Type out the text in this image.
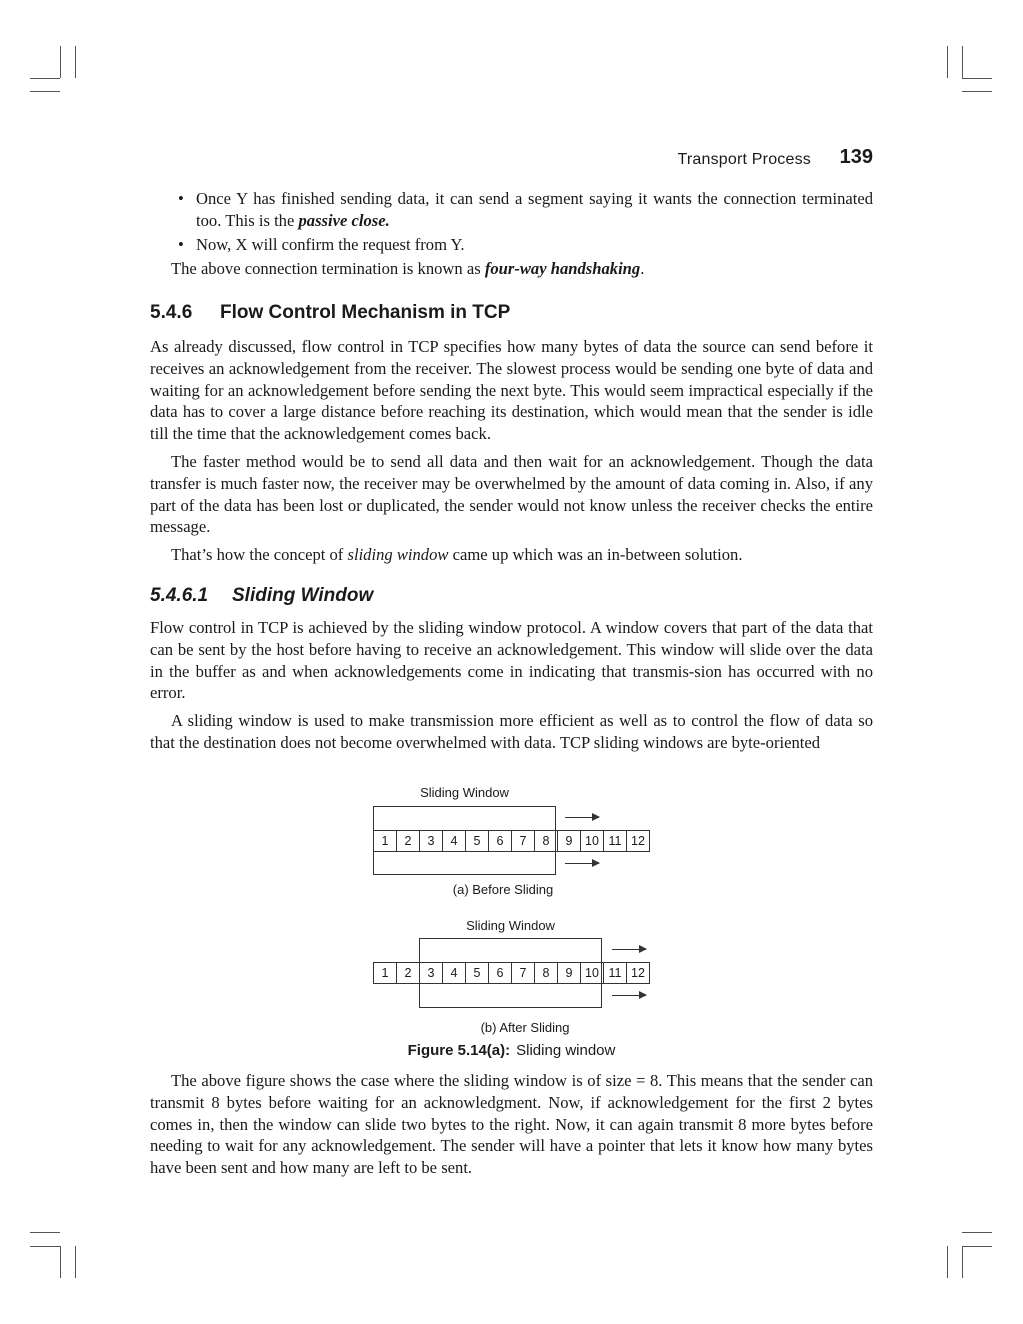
Transport Process 139
• Once Y has finished sending data, it can send a segment saying it wants the connection terminated too. This is the passive close.
• Now, X will confirm the request from Y.
The above connection termination is known as four-way handshaking.
5.4.6 Flow Control Mechanism in TCP

As already discussed, flow control in TCP specifies how many bytes of data the source can send before it receives an acknowledgement from the receiver. The slowest process would be sending one byte of data and waiting for an acknowledgement before sending the next byte. This would seem impractical especially if the data has to cover a large distance before reaching its destination, which would mean that the sender is idle till the time that the acknowledgement comes back.

The faster method would be to send all data and then wait for an acknowledgement. Though the data transfer is much faster now, the receiver may be overwhelmed by the amount of data coming in. Also, if any part of the data has been lost or duplicated, the sender would not know unless the receiver checks the entire message.

That’s how the concept of sliding window came up which was an in-between solution.

5.4.6.1 Sliding Window

Flow control in TCP is achieved by the sliding window protocol. A window covers that part of the data that can be sent by the host before having to receive an acknowledgement. This window will slide over the data in the buffer as and when acknowledgements come in indicating that transmis-sion has occurred with no error.

A sliding window is used to make transmission more efficient as well as to control the flow of data so that the destination does not become overwhelmed with data. TCP sliding windows are byte-oriented

Sliding Window
1	2	3	4	5	6	7	8	9	10 11 12
(a) Before Sliding
Sliding Window
1	2	3	4	5	6	7	8	9	10 11 12
(b) After Sliding
Figure 5.14(a): Sliding window

The above figure shows the case where the sliding window is of size = 8. This means that the sender can transmit 8 bytes before waiting for an acknowledgment. Now, if acknowledgement for the first 2 bytes comes in, then the window can slide two bytes to the right. Now, it can again transmit 8 more bytes before needing to wait for any acknowledgement. The sender will have a pointer that lets it know how many bytes have been sent and how many are left to be sent.
